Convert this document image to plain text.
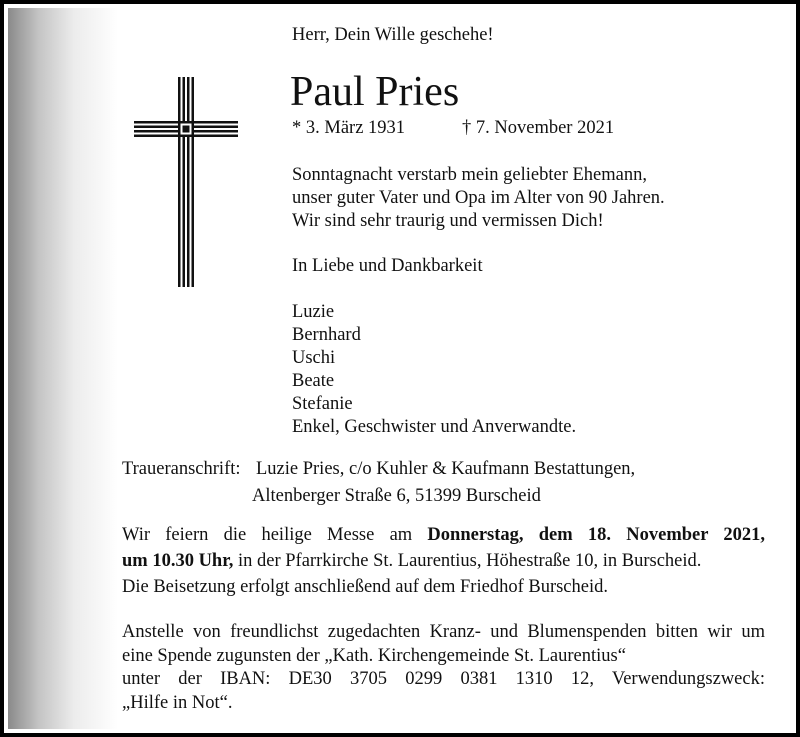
Herr, Dein Wille geschehe!
Paul Pries
* 3. März 1931	† 7. November 2021
Sonntagnacht verstarb mein geliebter Ehemann,
unser guter Vater und Opa im Alter von 90 Jahren.
Wir sind sehr traurig und vermissen Dich!
In Liebe und Dankbarkeit
Luzie
Bernhard
Uschi
Beate
Stefanie
Enkel, Geschwister und Anverwandte.
Traueranschrift: Luzie Pries, c/o Kuhler & Kaufmann Bestattungen,
Altenberger Straße 6, 51399 Burscheid
Wir feiern die heilige Messe am Donnerstag, dem 18. November 2021,
um 10.30 Uhr, in der Pfarrkirche St. Laurentius, Höhestraße 10, in Burscheid.
Die Beisetzung erfolgt anschließend auf dem Friedhof Burscheid.
Anstelle von freundlichst zugedachten Kranz- und Blumenspenden bitten wir um
eine Spende zugunsten der „Kath. Kirchengemeinde St. Laurentius“
unter der IBAN: DE30 3705 0299 0381 1310 12, Verwendungszweck:
„Hilfe in Not“.
